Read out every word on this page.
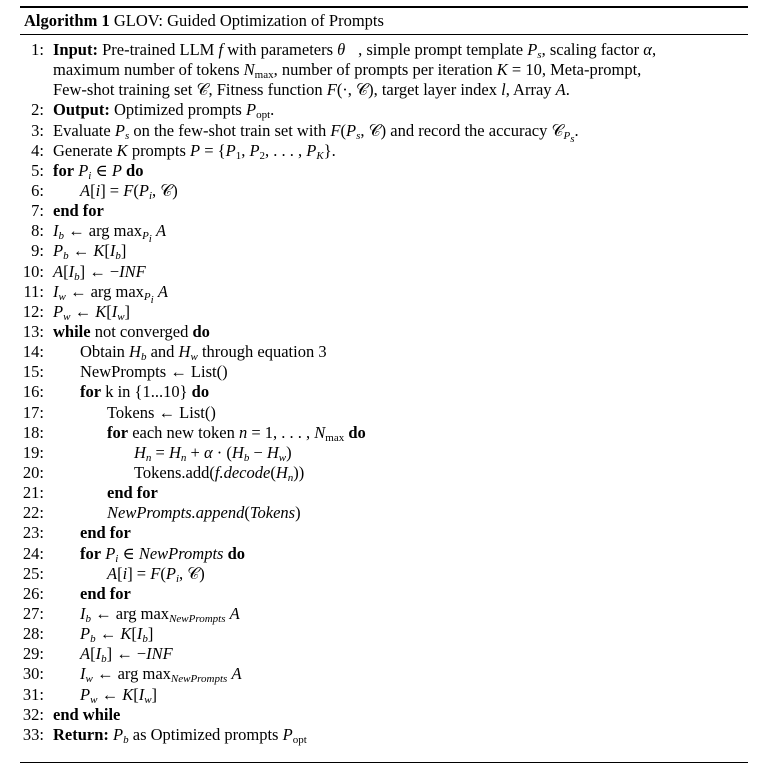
Algorithm 1 GLOV: Guided Optimization of Prompts
1: Input: Pre-trained LLM f with parameters θ⃗, simple prompt template $P_s$, scaling factor α,
maximum number of tokens $N_{max}$, number of prompts per iteration K = 10, Meta-prompt,
Few-shot training set 𝒞, Fitness function F(·, 𝒞), target layer index l, Array A.
2: Output: Optimized prompts $P_{opt}$.
3: Evaluate $P_s$ on the few-shot train set with $F(P_s$, 𝒞) and record the accuracy 𝒞$_{P_s}$.
4: Generate K prompts $P = \{P_1$, $P_2$, . . . , $P_K$}.
5: for $P_i$ ∈ P do
6: $A[i] = F(P_i$, 𝒞)
7: end for
8: $I_b$ ← arg $\max_{P_i} A$
9: $P_b$ ← $K[I_b]$
10: $A[I_b]$ ← −INF
11: $I_w$ ← arg $\max_{P_i} A$
12: $P_w$ ← $K[I_w]$
13: while not converged do
14: Obtain $H_b$ and $H_w$ through equation 3
15: NewPrompts ← List()
16: for k in {1...10} do
17:	Tokens ← List()
18:	for each new token n = 1, . . . , $N_{max}$ do
19:	$H_n = H_n + \alpha \cdot (H_b - H_w)$
20:	$Tokens.add(f.decode(H_n))$
21:	end for
22:	NewPrompts.append(Tokens)
23: end for
24: for $P_i$ ∈ NewPrompts do
25:	$A[i] = F(P_i$, 𝒞)
26: end for
27: $I_b$ ← arg $\max_{NewPrompts} A$
28: $P_b$ ← $K[I_b]$
29: $A[I_b]$ ← −INF
30: $I_w$ ← arg $\max_{NewPrompts} A$
31: $P_w$ ← $K[I_w]$
32: end while
33: Return: $P_b$ as Optimized prompts $P_{opt}$
